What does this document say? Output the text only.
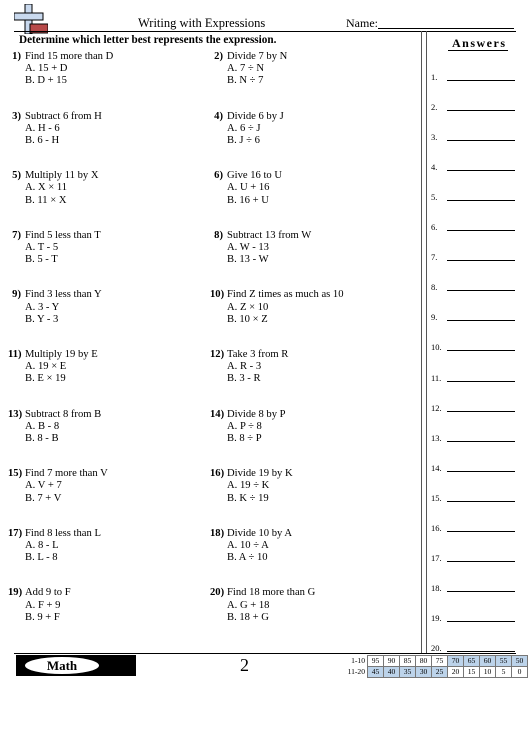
Writing with Expressions	Name:
Determine which letter best represents the expression.	Answers
1) Find 15 more than D
A. 15 + D
B. D + 15
2) Divide 7 by N
A. 7 ÷ N
B. N ÷ 7
3) Subtract 6 from H
A. H - 6
B. 6 - H
4) Divide 6 by J
A. 6 ÷ J
B. J ÷ 6
5) Multiply 11 by X
A. X × 11
B. 11 × X
6) Give 16 to U
A. U + 16
B. 16 + U
7) Find 5 less than T
A. T - 5
B. 5 - T
8) Subtract 13 from W
A. W - 13
B. 13 - W
9) Find 3 less than Y
A. 3 - Y
B. Y - 3
10) Find Z times as much as 10
A. Z × 10
B. 10 × Z
11) Multiply 19 by E
A. 19 × E
B. E × 19
12) Take 3 from R
A. R - 3
B. 3 - R
13) Subtract 8 from B
A. B - 8
B. 8 - B
14) Divide 8 by P
A. P ÷ 8
B. 8 ÷ P
15) Find 7 more than V
A. V + 7
B. 7 + V
16) Divide 19 by K
A. 19 ÷ K
B. K ÷ 19
17) Find 8 less than L
A. 8 - L
B. L - 8
18) Divide 10 by A
A. 10 ÷ A
B. A ÷ 10
19) Add 9 to F
A. F + 9
B. 9 + F
20) Find 18 more than G
A. G + 18
B. 18 + G
1.
2.
3.
4.
5.
6.
7.
8.
9.
10.
11.
12.
13.
14.
15.
16.
17.
18.
19.
20.
Math	2	1-10	95	90	85	80	75	70	65	60	55	50
11-20	45	40	35	30	25	20	15	10	5	0
